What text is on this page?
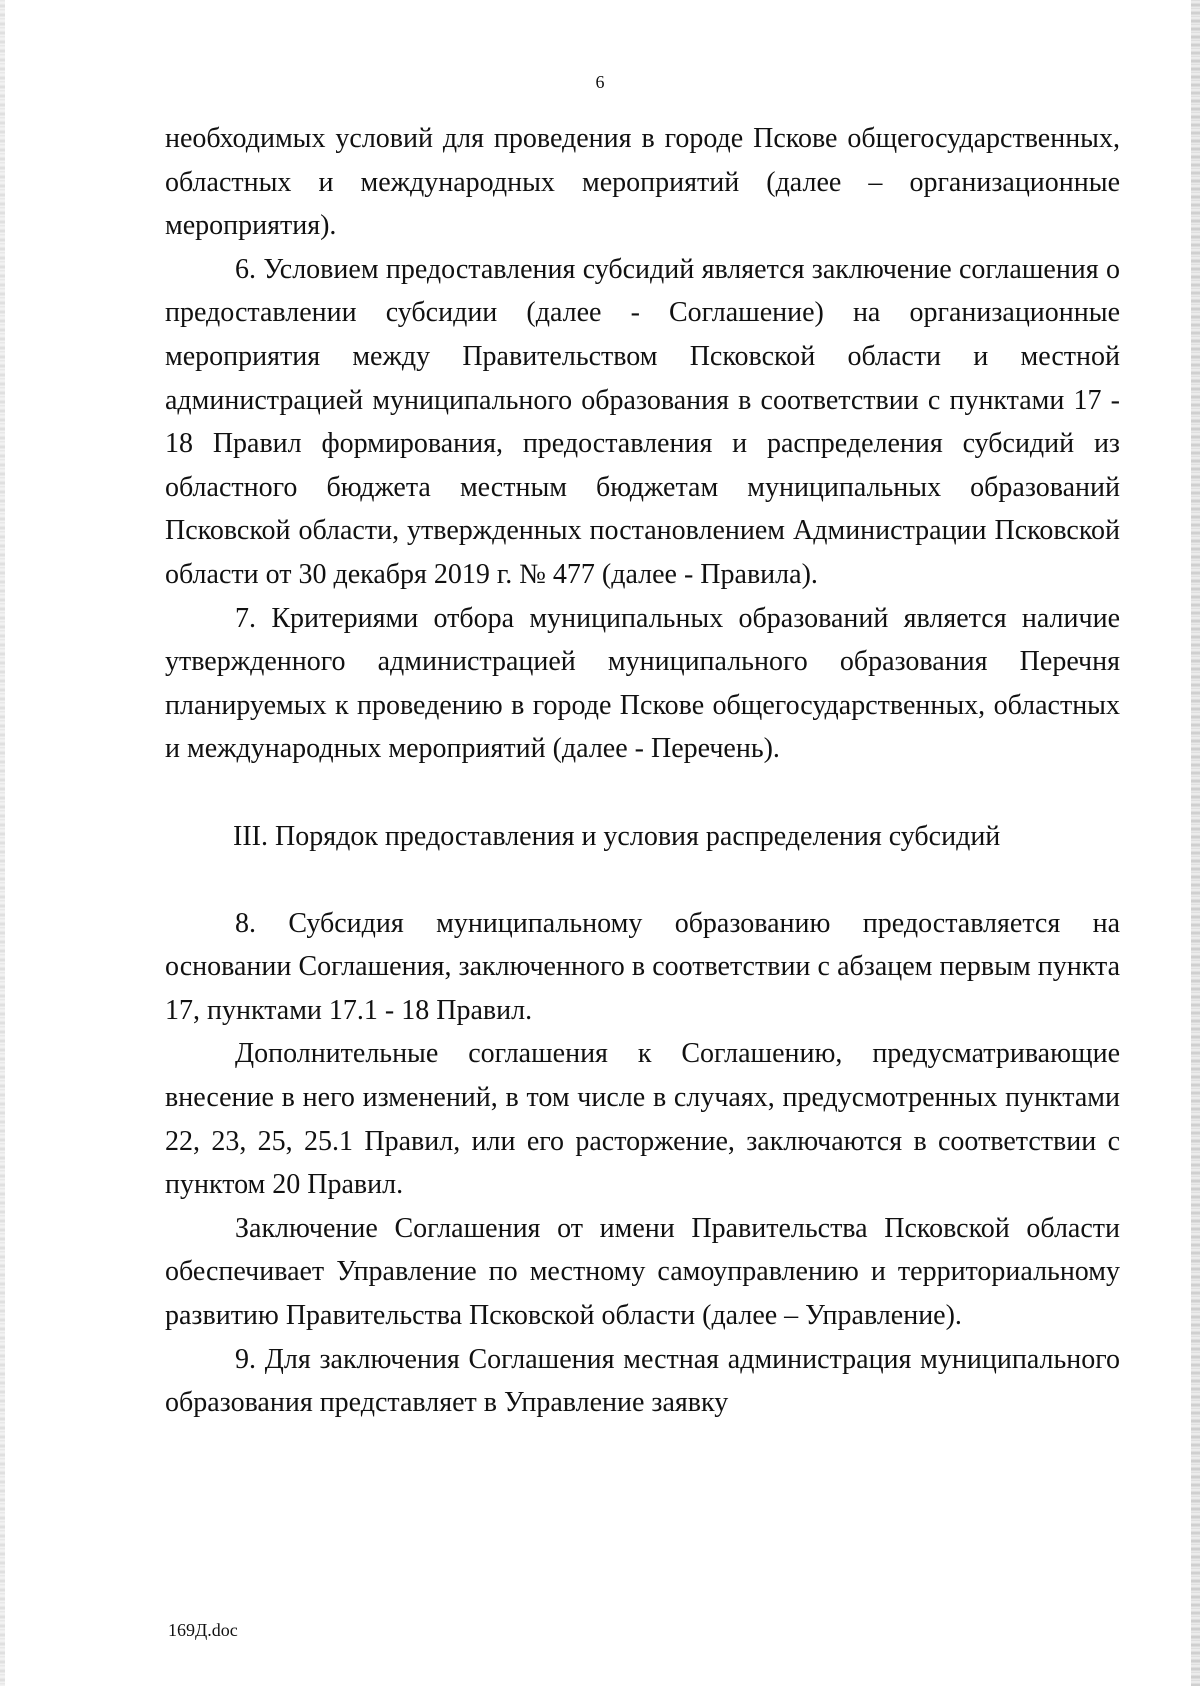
6

необходимых условий для проведения в городе Пскове общегосударственных, областных и международных мероприятий (далее – организационные мероприятия).

6. Условием предоставления субсидий является заключение соглашения о предоставлении субсидии (далее - Соглашение) на организационные мероприятия между Правительством Псковской области и местной администрацией муниципального образования в соответствии с пунктами 17 - 18 Правил формирования, предоставления и распределения субсидий из областного бюджета местным бюджетам муниципальных образований Псковской области, утвержденных постановлением Администрации Псковской области от 30 декабря 2019 г. № 477 (далее - Правила).

7. Критериями отбора муниципальных образований является наличие утвержденного администрацией муниципального образования Перечня планируемых к проведению в городе Пскове общегосударственных, областных и международных мероприятий (далее - Перечень).

III. Порядок предоставления и условия распределения субсидий

8. Субсидия муниципальному образованию предоставляется на основании Соглашения, заключенного в соответствии с абзацем первым пункта 17, пунктами 17.1 - 18 Правил.

Дополнительные соглашения к Соглашению, предусматривающие внесение в него изменений, в том числе в случаях, предусмотренных пунктами 22, 23, 25, 25.1 Правил, или его расторжение, заключаются в соответствии с пунктом 20 Правил.

Заключение Соглашения от имени Правительства Псковской области обеспечивает Управление по местному самоуправлению и территориальному развитию Правительства Псковской области (далее – Управление).

9. Для заключения Соглашения местная администрация муниципального образования представляет в Управление заявку

169Д.doc
